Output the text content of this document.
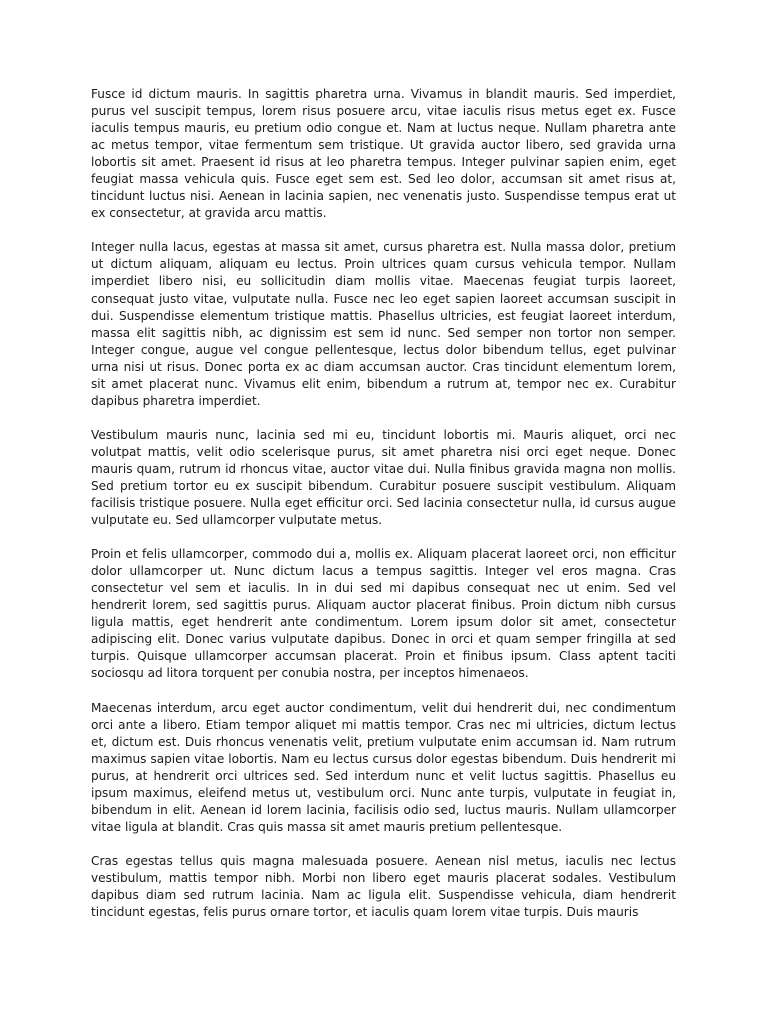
Fusce id dictum mauris. In sagittis pharetra urna. Vivamus in blandit mauris. Sed imperdiet, purus vel suscipit tempus, lorem risus posuere arcu, vitae iaculis risus metus eget ex. Fusce iaculis tempus mauris, eu pretium odio congue et. Nam at luctus neque. Nullam pharetra ante ac metus tempor, vitae fermentum sem tristique. Ut gravida auctor libero, sed gravida urna lobortis sit amet. Praesent id risus at leo pharetra tempus. Integer pulvinar sapien enim, eget feugiat massa vehicula quis. Fusce eget sem est. Sed leo dolor, accumsan sit amet risus at, tincidunt luctus nisi. Aenean in lacinia sapien, nec venenatis justo. Suspendisse tempus erat ut ex consectetur, at gravida arcu mattis.

Integer nulla lacus, egestas at massa sit amet, cursus pharetra est. Nulla massa dolor, pretium ut dictum aliquam, aliquam eu lectus. Proin ultrices quam cursus vehicula tempor. Nullam imperdiet libero nisi, eu sollicitudin diam mollis vitae. Maecenas feugiat turpis laoreet, consequat justo vitae, vulputate nulla. Fusce nec leo eget sapien laoreet accumsan suscipit in dui. Suspendisse elementum tristique mattis. Phasellus ultricies, est feugiat laoreet interdum, massa elit sagittis nibh, ac dignissim est sem id nunc. Sed semper non tortor non semper. Integer congue, augue vel congue pellentesque, lectus dolor bibendum tellus, eget pulvinar urna nisi ut risus. Donec porta ex ac diam accumsan auctor. Cras tincidunt elementum lorem, sit amet placerat nunc. Vivamus elit enim, bibendum a rutrum at, tempor nec ex. Curabitur dapibus pharetra imperdiet.

Vestibulum mauris nunc, lacinia sed mi eu, tincidunt lobortis mi. Mauris aliquet, orci nec volutpat mattis, velit odio scelerisque purus, sit amet pharetra nisi orci eget neque. Donec mauris quam, rutrum id rhoncus vitae, auctor vitae dui. Nulla finibus gravida magna non mollis. Sed pretium tortor eu ex suscipit bibendum. Curabitur posuere suscipit vestibulum. Aliquam facilisis tristique posuere. Nulla eget efficitur orci. Sed lacinia consectetur nulla, id cursus augue vulputate eu. Sed ullamcorper vulputate metus.

Proin et felis ullamcorper, commodo dui a, mollis ex. Aliquam placerat laoreet orci, non efficitur dolor ullamcorper ut. Nunc dictum lacus a tempus sagittis. Integer vel eros magna. Cras consectetur vel sem et iaculis. In in dui sed mi dapibus consequat nec ut enim. Sed vel hendrerit lorem, sed sagittis purus. Aliquam auctor placerat finibus. Proin dictum nibh cursus ligula mattis, eget hendrerit ante condimentum. Lorem ipsum dolor sit amet, consectetur adipiscing elit. Donec varius vulputate dapibus. Donec in orci et quam semper fringilla at sed turpis. Quisque ullamcorper accumsan placerat. Proin et finibus ipsum. Class aptent taciti sociosqu ad litora torquent per conubia nostra, per inceptos himenaeos.

Maecenas interdum, arcu eget auctor condimentum, velit dui hendrerit dui, nec condimentum orci ante a libero. Etiam tempor aliquet mi mattis tempor. Cras nec mi ultricies, dictum lectus et, dictum est. Duis rhoncus venenatis velit, pretium vulputate enim accumsan id. Nam rutrum maximus sapien vitae lobortis. Nam eu lectus cursus dolor egestas bibendum. Duis hendrerit mi purus, at hendrerit orci ultrices sed. Sed interdum nunc et velit luctus sagittis. Phasellus eu ipsum maximus, eleifend metus ut, vestibulum orci. Nunc ante turpis, vulputate in feugiat in, bibendum in elit. Aenean id lorem lacinia, facilisis odio sed, luctus mauris. Nullam ullamcorper vitae ligula at blandit. Cras quis massa sit amet mauris pretium pellentesque.

Cras egestas tellus quis magna malesuada posuere. Aenean nisl metus, iaculis nec lectus vestibulum, mattis tempor nibh. Morbi non libero eget mauris placerat sodales. Vestibulum dapibus diam sed rutrum lacinia. Nam ac ligula elit. Suspendisse vehicula, diam hendrerit tincidunt egestas, felis purus ornare tortor, et iaculis quam lorem vitae turpis. Duis mauris
